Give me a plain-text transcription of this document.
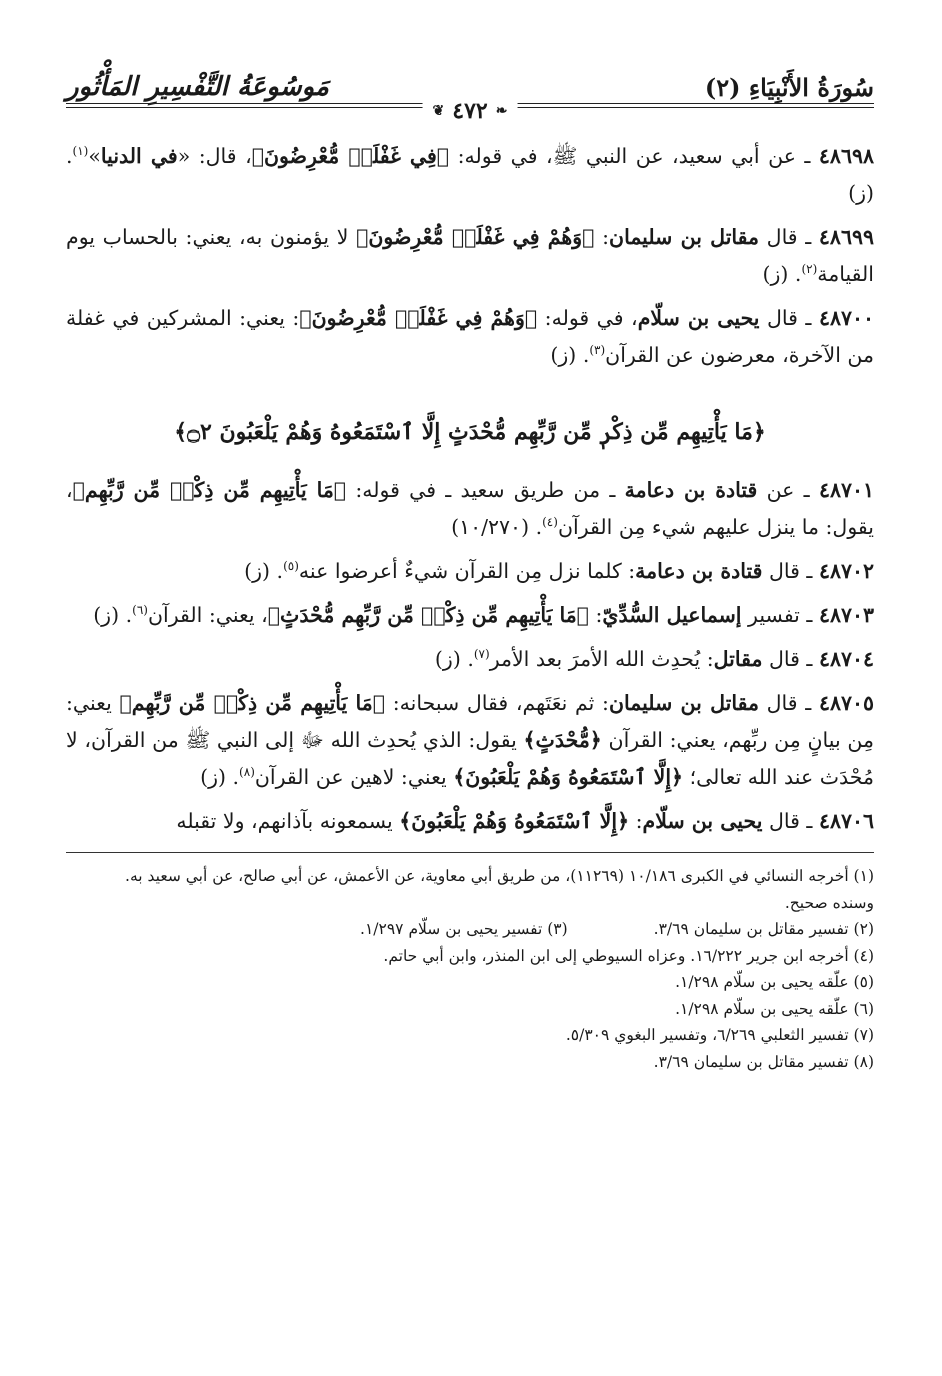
سُورَةُ الأَنْبِيَاءِ (٢)
مَوسُوعَةُ التَّفْسِيرِ المَأْثُور
❧
٤٧٢
❦

٤٨٦٩٨ ـ عن أبي سعيد، عن النبي ﷺ، في قوله: ﴿فِي غَفْلَةٖ مُّعْرِضُونَ﴾، قال: «في الدنيا»$^{(١)}$. (ز)

٤٨٦٩٩ ـ قال مقاتل بن سليمان: ﴿وَهُمْ فِي غَفْلَةٖ مُّعْرِضُونَ﴾ لا يؤمنون به، يعني: بالحساب يوم القيامة$^{(٢)}$. (ز)

٤٨٧٠٠ ـ قال يحيى بن سلّام، في قوله: ﴿وَهُمْ فِي غَفْلَةٖ مُّعْرِضُونَ﴾: يعني: المشركين في غفلة من الآخرة، معرضون عن القرآن$^{(٣)}$. (ز)

﴿مَا يَأْتِيهِم مِّن ذِكْرٖ مِّن رَّبِّهِم مُّحْدَثٍ إِلَّا ٱسْتَمَعُوهُ وَهُمْ يَلْعَبُونَ ۝٢﴾

٤٨٧٠١ ـ عن قتادة بن دعامة ـ من طريق سعيد ـ في قوله: ﴿مَا يَأْتِيهِم مِّن ذِكْرٖ مِّن رَّبِّهِم﴾، يقول: ما ينزل عليهم شيء مِن القرآن$^{(٤)}$. (١٠/٢٧٠)

٤٨٧٠٢ ـ قال قتادة بن دعامة: كلما نزل مِن القرآن شيءٌ أعرضوا عنه$^{(٥)}$. (ز)

٤٨٧٠٣ ـ تفسير إسماعيل السُّدِّيّ: ﴿مَا يَأْتِيهِم مِّن ذِكْرٖ مِّن رَّبِّهِم مُّحْدَثٍ﴾، يعني: القرآن$^{(٦)}$. (ز)

٤٨٧٠٤ ـ قال مقاتل: يُحدِث الله الأمرَ بعد الأمر$^{(٧)}$. (ز)

٤٨٧٠٥ ـ قال مقاتل بن سليمان: ثم نعَتَهم، فقال سبحانه: ﴿مَا يَأْتِيهِم مِّن ذِكْرٖ مِّن رَّبِّهِم﴾ يعني: مِن بيانٍ مِن ربِّهم، يعني: القرآن ﴿مُّحْدَثٍ﴾ يقول: الذي يُحدِث الله ﷻ إلى النبي ﷺ من القرآن، لا مُحْدَث عند الله تعالى؛ ﴿إِلَّا ٱسْتَمَعُوهُ وَهُمْ يَلْعَبُونَ﴾ يعني: لاهين عن القرآن$^{(٨)}$. (ز)

٤٨٧٠٦ ـ قال يحيى بن سلّام: ﴿إِلَّا ٱسْتَمَعُوهُ وَهُمْ يَلْعَبُونَ﴾ يسمعونه بآذانهم، ولا تقبله

(١) أخرجه النسائي في الكبرى ١٠/١٨٦ (١١٢٦٩)، من طريق أبي معاوية، عن الأعمش، عن أبي صالح، عن أبي سعيد به.

وسنده صحيح.

(٢) تفسير مقاتل بن سليمان ٣/٦٩.
(٣) تفسير يحيى بن سلّام ١/٢٩٧.

(٤) أخرجه ابن جرير ١٦/٢٢٢. وعزاه السيوطي إلى ابن المنذر، وابن أبي حاتم.

(٥) علّقه يحيى بن سلّام ١/٢٩٨.

(٦) علّقه يحيى بن سلّام ١/٢٩٨.

(٧) تفسير الثعلبي ٦/٢٦٩، وتفسير البغوي ٥/٣٠٩.

(٨) تفسير مقاتل بن سليمان ٣/٦٩.
